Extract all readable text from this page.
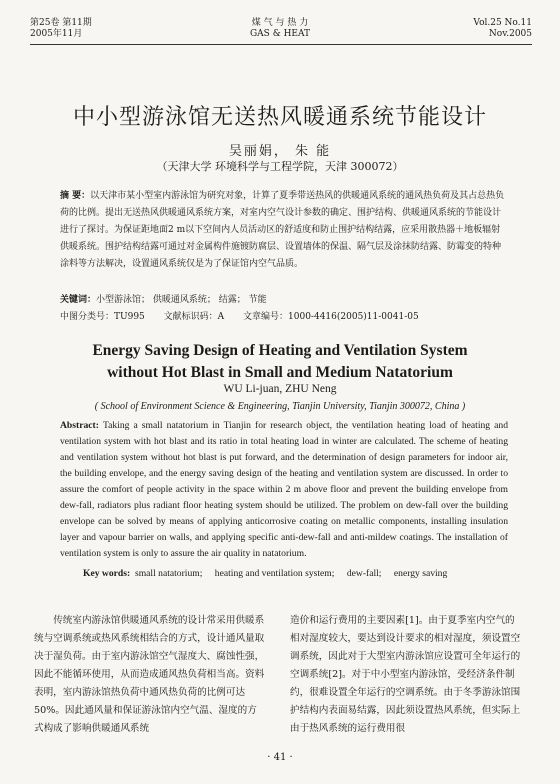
第25卷 第11期
2005年11月
煤 气 与 热 力
GAS & HEAT
Vol.25 No.11
Nov.2005
中小型游泳馆无送热风暖通系统节能设计
吴丽娟， 朱 能
（天津大学 环境科学与工程学院，天津 300072）
摘 要：以天津市某小型室内游泳馆为研究对象，计算了夏季带送热风的供暖通风系统的通风热负荷及其占总热负荷的比例。提出无送热风供暖通风系统方案，对室内空气设计参数的确定、围护结构、供暖通风系统的节能设计进行了探讨。为保证距地面2 m以下空间内人员活动区的舒适度和防止围护结构结露，应采用散热器＋地板辐射供暖系统。围护结构结露可通过对金属构件施镀防腐层、设置墙体的保温、隔气层及涂抹防结露、防霉变的特种涂料等方法解决，设置通风系统仅是为了保证馆内空气品质。
关键词：小型游泳馆； 供暖通风系统； 结露； 节能
中图分类号：TU995 文献标识码：A 文章编号：1000-4416(2005)11-0041-05
Energy Saving Design of Heating and Ventilation System
without Hot Blast in Small and Medium Natatorium
WU Li-juan, ZHU Neng
( School of Environment Science & Engineering, Tianjin University, Tianjin 300072, China )
Abstract: Taking a small natatorium in Tianjin for research object, the ventilation heating load of heating and ventilation system with hot blast and its ratio in total heating load in winter are calculated. The scheme of heating and ventilation system without hot blast is put forward, and the determination of design parameters for indoor air, the building envelope, and the energy saving design of the heating and ventilation system are discussed. In order to assure the comfort of people activity in the space within 2 m above floor and prevent the building envelope from dew-fall, radiators plus radiant floor heating system should be utilized. The problem on dew-fall over the building envelope can be solved by means of applying anticorrosive coating on metallic components, installing insulation layer and vapour barrier on walls, and applying specific anti-dew-fall and anti-mildew coatings. The installation of ventilation system is only to assure the air quality in natatorium.
Key words: small natatorium; heating and ventilation system; dew-fall; energy saving

传统室内游泳馆供暖通风系统的设计常采用供暖系统与空调系统或热风系统相结合的方式，设计通风量取决于湿负荷。由于室内游泳馆空气湿度大、腐蚀性强，因此不能循环使用，从而造成通风热负荷相当高。资料表明，室内游泳馆热负荷中通风热负荷的比例可达50%。因此通风量和保证游泳馆内空气温、湿度的方式构成了影响供暖通风系统

造价和运行费用的主要因素[1]。由于夏季室内空气的相对湿度较大，要达到设计要求的相对湿度，须设置空调系统，因此对于大型室内游泳馆应设置可全年运行的空调系统[2]。对于中小型室内游泳馆，受经济条件制约，很难设置全年运行的空调系统。由于冬季游泳馆围护结构内表面易结露，因此须设置热风系统，但实际上由于热风系统的运行费用很

· 41 ·
